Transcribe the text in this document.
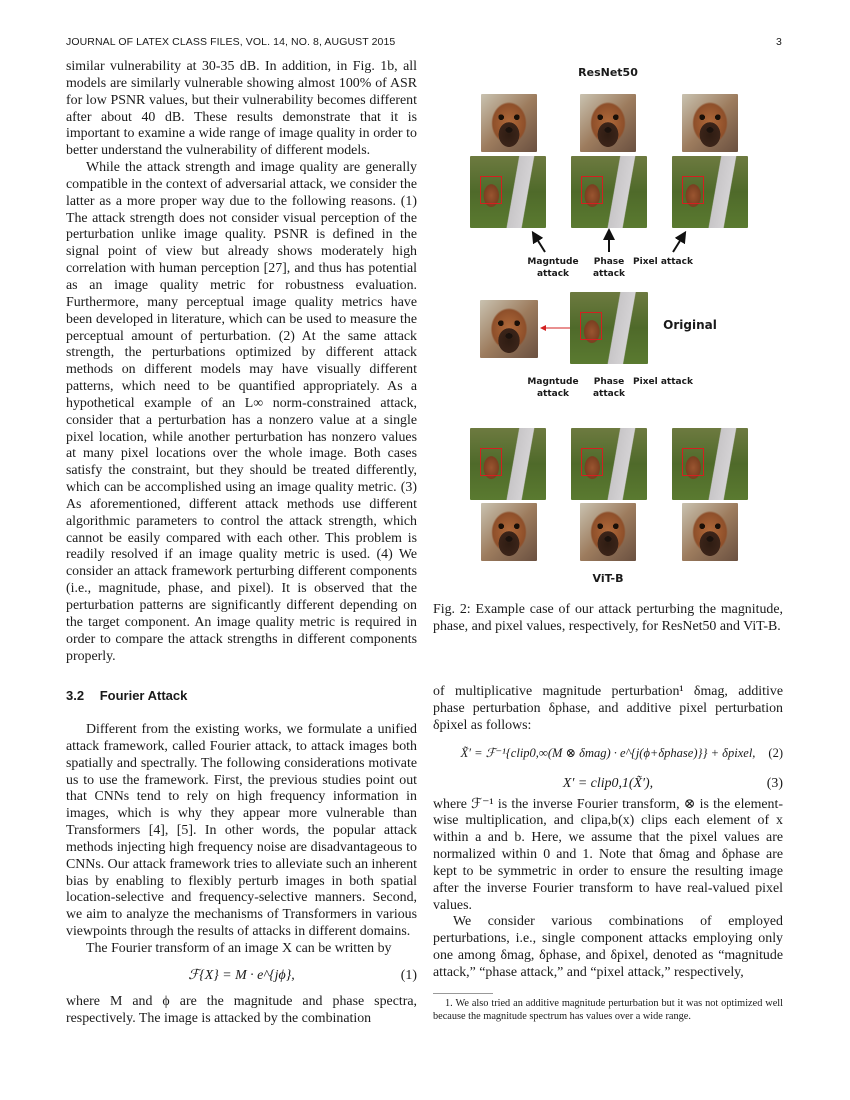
JOURNAL OF LATEX CLASS FILES, VOL. 14, NO. 8, AUGUST 2015	3

similar vulnerability at 30-35 dB. In addition, in Fig. 1b, all models are similarly vulnerable showing almost 100% of ASR for low PSNR values, but their vulnerability becomes different after about 40 dB. These results demonstrate that it is important to examine a wide range of image quality in order to better understand the vulnerability of different models.

While the attack strength and image quality are generally compatible in the context of adversarial attack, we consider the latter as a more proper way due to the following reasons. (1) The attack strength does not consider visual perception of the perturbation unlike image quality. PSNR is defined in the signal point of view but already shows moderately high correlation with human perception [27], and thus has potential as an image quality metric for robustness evaluation. Furthermore, many perceptual image quality metrics have been developed in literature, which can be used to measure the perceptual amount of perturbation. (2) At the same attack strength, the perturbations optimized by different attack methods on different models may have visually different patterns, which need to be quantified appropriately. As a hypothetical example of an L∞ norm-constrained attack, consider that a perturbation has a nonzero value at a single pixel location, while another perturbation has nonzero values at many pixel locations over the whole image. Both cases satisfy the constraint, but they should be treated differently, which can be accomplished using an image quality metric. (3) As aforementioned, different attack methods use different algorithmic parameters to control the attack strength, which cannot be easily compared with each other. This problem is readily resolved if an image quality metric is used. (4) We consider an attack framework perturbing different components (i.e., magnitude, phase, and pixel). It is observed that the perturbation patterns are significantly different depending on the target component. An image quality metric is required in order to compare the attack strengths in different components properly.

3.2 Fourier Attack

Different from the existing works, we formulate a unified attack framework, called Fourier attack, to attack images both spatially and spectrally. The following considerations motivate us to use the framework. First, the previous studies point out that CNNs tend to rely on high frequency information in images, which is why they appear more vulnerable than Transformers [4], [5]. In other words, the popular attack methods injecting high frequency noise are disadvantageous to CNNs. Our attack framework tries to alleviate such an inherent bias by enabling to flexibly perturb images in both spatial location-selective and frequency-selective manners. Second, we aim to analyze the mechanisms of Transformers in various viewpoints through the results of attacks in different domains.

The Fourier transform of an image X can be written by

ℱ{X} = M · e^{jϕ},	(1)

where M and ϕ are the magnitude and phase spectra, respectively. The image is attacked by the combination

of multiplicative magnitude perturbation¹ δmag, additive phase perturbation δphase, and additive pixel perturbation δpixel as follows:

X̃′ = ℱ⁻¹{clip0,∞(M ⊗ δmag) · e^{j(ϕ+δphase)}} + δpixel, (2)
X′ = clip0,1(X̃′),	(3)

where ℱ⁻¹ is the inverse Fourier transform, ⊗ is the element-wise multiplication, and clipa,b(x) clips each element of x within a and b. Here, we assume that the pixel values are normalized within 0 and 1. Note that δmag and δphase are kept to be symmetric in order to ensure the resulting image after the inverse Fourier transform to have real-valued pixel values.

We consider various combinations of employed perturbations, i.e., single component attacks employing only one among δmag, δphase, and δpixel, denoted as “magnitude attack,” “phase attack,” and “pixel attack,” respectively,

1. We also tried an additive magnitude perturbation but it was not optimized well because the magnitude spectrum has values over a wide range.
ResNet50
Magntude attack
Phase attack
Pixel attack
Original
Magntude attack
Phase attack
Pixel attack
ViT-B
Fig. 2: Example case of our attack perturbing the magnitude, phase, and pixel values, respectively, for ResNet50 and ViT-B.
